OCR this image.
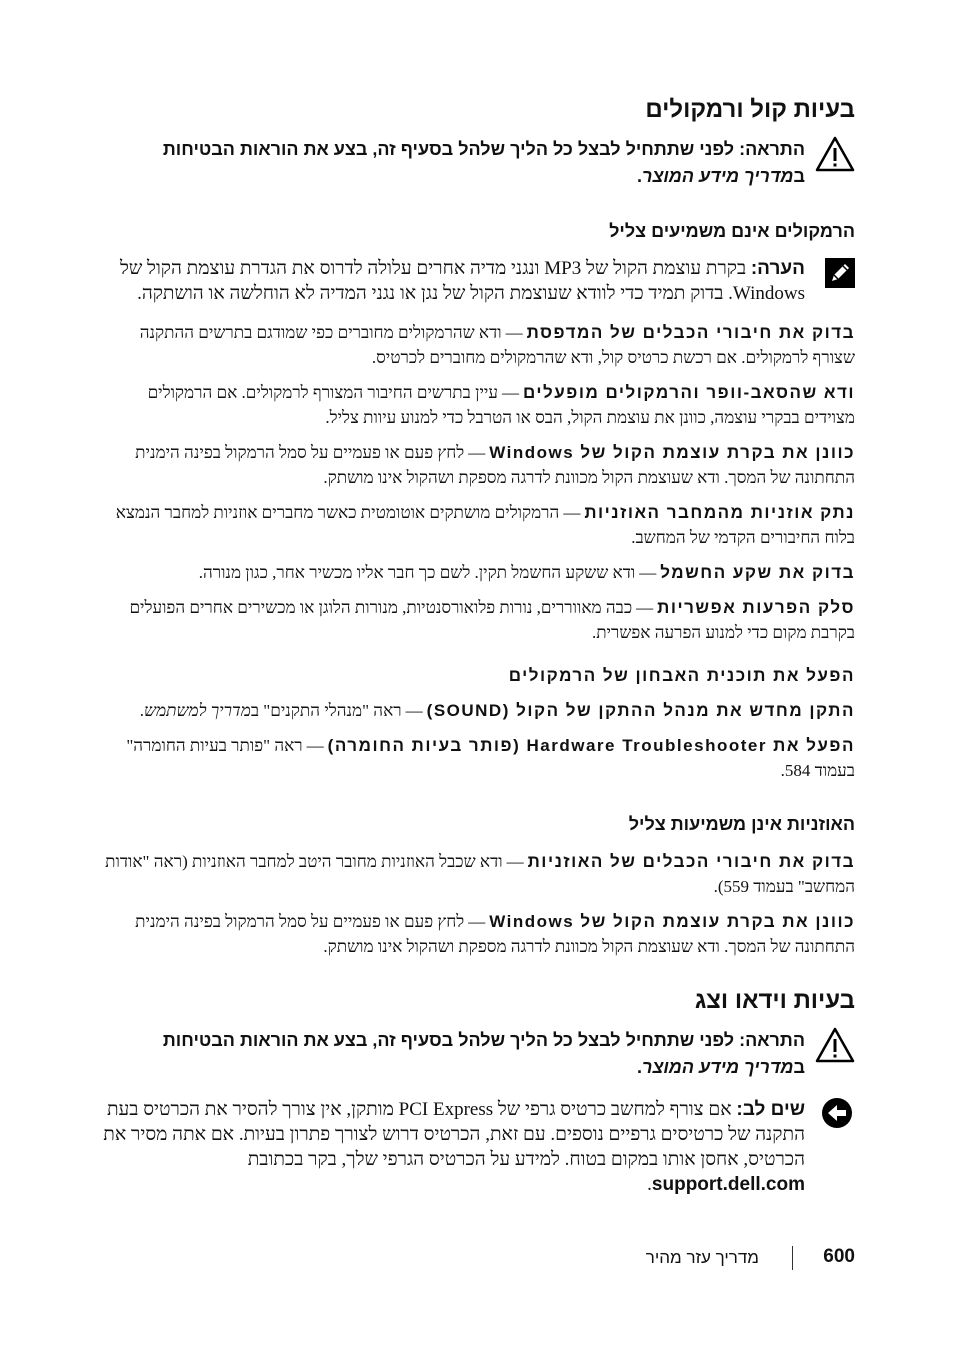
בעיות קול ורמקולים
התראה: לפני שתתחיל לבצל כל הליך שלהל בסעיף זה, בצע את הוראות הבטיחות
במדריך מידע המוצר.
הרמקולים אינם משמיעים צליל
הערה: בקרת עוצמת הקול של MP3 ונגני מדיה אחרים עלולה לדרוס את הגדרת עוצמת הקול של Windows. בדוק תמיד כדי לוודא שעוצמת הקול של נגן או נגני המדיה לא הוחלשה או הושתקה.
בדוק את חיבורי הכבלים של המדפסת—ודא שהרמקולים מחוברים כפי שמודגם בתרשים ההתקנה שצורף לרמקולים. אם רכשת כרטיס קול, ודא שהרמקולים מחוברים לכרטיס.
ודא שהסאב-וופר והרמקולים מופעלים—עיין בתרשים החיבור המצורף לרמקולים. אם הרמקולים מצוידים בבקרי עוצמה, כוונן את עוצמת הקול, הבס או הטרבל כדי למנוע עיוות צליל.
כוונן את בקרת עוצמת הקול של Windows—לחץ פעם או פעמיים על סמל הרמקול בפינה הימנית התחתונה של המסך. ודא שעוצמת הקול מכוונת לדרגה מספקת ושהקול אינו מושתק.
נתק אוזניות מהמחבר האוזניות—הרמקולים מושתקים אוטומטית כאשר מחברים אוזניות למחבר הנמצא בלוח החיבורים הקדמי של המחשב.
בדוק את שקע החשמל—ודא ששקע החשמל תקין. לשם כך חבר אליו מכשיר אחר, כגון מנורה.
סלק הפרעות אפשריות—כבה מאווררים, נורות פלואורסנטיות, מנורות הלוגן או מכשירים אחרים הפועלים בקרבת מקום כדי למנוע הפרעה אפשרית.
הפעל את תוכנית האבחון של הרמקולים
התקן מחדש את מנהל ההתקן של הקול (SOUND)—ראה "מנהלי התקנים" במדריך למשתמש.
הפעל את Hardware Troubleshooter (פותר בעיות החומרה)—ראה "פותר בעיות החומרה" בעמוד 584.
האוזניות אינן משמיעות צליל
בדוק את חיבורי הכבלים של האוזניות—ודא שכבל האוזניות מחובר היטב למחבר האוזניות (ראה "אודות המחשב" בעמוד 559).
כוונן את בקרת עוצמת הקול של Windows—לחץ פעם או פעמיים על סמל הרמקול בפינה הימנית התחתונה של המסך. ודא שעוצמת הקול מכוונת לדרגה מספקת ושהקול אינו מושתק.
בעיות וידאו וצג
התראה: לפני שתתחיל לבצל כל הליך שלהל בסעיף זה, בצע את הוראות הבטיחות
במדריך מידע המוצר.
שים לב: אם צורף למחשב כרטיס גרפי של PCI Express מותקן, אין צורך להסיר את הכרטיס בעת התקנה של כרטיסים גרפיים נוספים. עם זאת, הכרטיס דרוש לצורך פתרון בעיות. אם אתה מסיר את הכרטיס, אחסן אותו במקום בטוח. למידע על הכרטיס הגרפי שלך, בקר בכתובת support.dell.com.
600
מדריך עזר מהיר
